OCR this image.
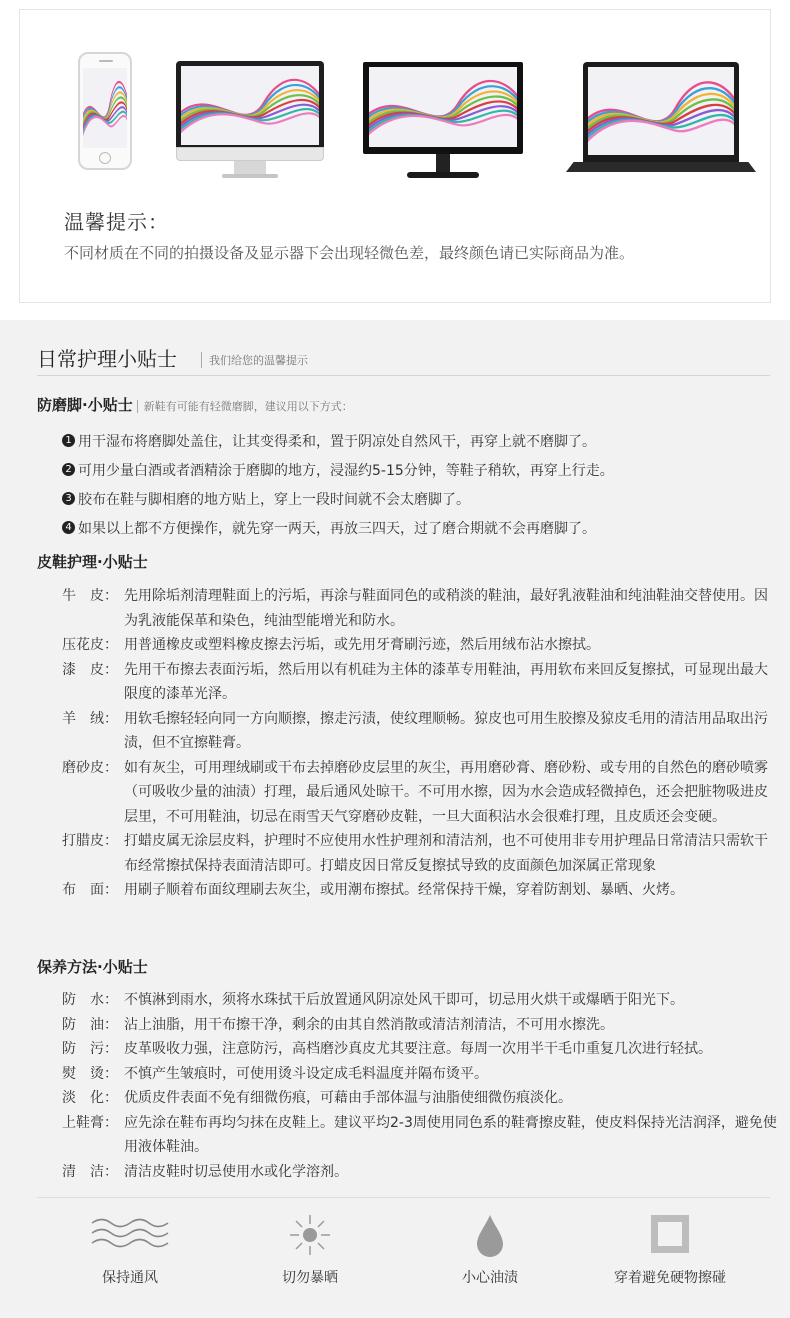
温馨提示：
不同材质在不同的拍摄设备及显示器下会出现轻微色差，最终颜色请已实际商品为准。
日常护理小贴士	我们给您的温馨提示
防磨脚·小贴士 新鞋有可能有轻微磨脚，建议用以下方式：
1 用干湿布将磨脚处盖住，让其变得柔和，置于阴凉处自然风干，再穿上就不磨脚了。
2 可用少量白酒或者酒精涂于磨脚的地方，浸湿约5-15分钟，等鞋子稍软，再穿上行走。
3 胶布在鞋与脚相磨的地方贴上，穿上一段时间就不会太磨脚了。
4 如果以上都不方便操作，就先穿一两天，再放三四天，过了磨合期就不会再磨脚了。
皮鞋护理·小贴士
牛　皮： 先用除垢剂清理鞋面上的污垢，再涂与鞋面同色的或稍淡的鞋油，最好乳液鞋油和纯油鞋油交替使用。因为乳液能保革和染色，纯油型能增光和防水。
压花皮： 用普通橡皮或塑料橡皮擦去污垢，或先用牙膏刷污迹，然后用绒布沾水擦拭。
漆　皮： 先用干布擦去表面污垢，然后用以有机硅为主体的漆革专用鞋油，再用软布来回反复擦拭，可显现出最大限度的漆革光泽。
羊　绒： 用软毛擦轻轻向同一方向顺擦，擦走污渍，使纹理顺畅。猄皮也可用生胶擦及猄皮毛用的清洁用品取出污渍，但不宜擦鞋膏。
磨砂皮： 如有灰尘，可用理绒刷或干布去掉磨砂皮层里的灰尘，再用磨砂膏、磨砂粉、或专用的自然色的磨砂喷雾（可吸收少量的油渍）打理，最后通风处晾干。不可用水擦，因为水会造成轻微掉色，还会把脏物吸进皮层里，不可用鞋油，切忌在雨雪天气穿磨砂皮鞋，一旦大面积沾水会很难打理，且皮质还会变硬。
打腊皮： 打蜡皮属无涂层皮料，护理时不应使用水性护理剂和清洁剂，也不可使用非专用护理品日常清洁只需软干布经常擦拭保持表面清洁即可。打蜡皮因日常反复擦拭导致的皮面颜色加深属正常现象
布　面： 用刷子顺着布面纹理刷去灰尘，或用潮布擦拭。经常保持干燥，穿着防割划、暴晒、火烤。
保养方法·小贴士
防　水： 不慎淋到雨水，须将水珠拭干后放置通风阴凉处风干即可，切忌用火烘干或爆晒于阳光下。
防　油： 沾上油脂，用干布擦干净，剩余的由其自然消散或清洁剂清洁，不可用水擦洗。
防　污： 皮革吸收力强，注意防污，高档磨沙真皮尤其要注意。每周一次用半干毛巾重复几次进行轻拭。
熨　烫： 不慎产生皱痕时，可使用烫斗设定成毛料温度并隔布烫平。
淡　化： 优质皮件表面不免有细微伤痕，可藉由手部体温与油脂使细微伤痕淡化。
上鞋膏： 应先涂在鞋布再均匀抹在皮鞋上。建议平均2-3周使用同色系的鞋膏擦皮鞋，使皮料保持光洁润泽，避免使用液体鞋油。
清　洁： 清洁皮鞋时切忌使用水或化学溶剂。
保持通风	切勿暴晒	小心油渍	穿着避免硬物擦碰
